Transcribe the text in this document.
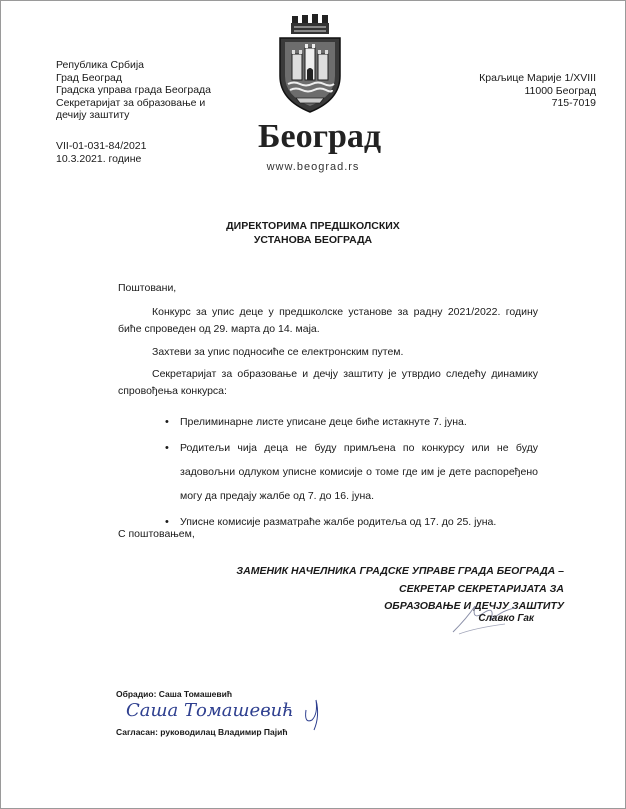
Република Србија
Град Београд
Градска управа града Београда
Секретаријат за образовање и
дечију заштиту
VII-01-031-84/2021
10.3.2021. године
Београд
www.beograd.rs
Краљице Марије 1/XVIII
11000 Београд
715-7019
ДИРЕКТОРИМА ПРЕДШКОЛСКИХ
УСТАНОВА БЕОГРАДА
Поштовани,
Конкурс за упис деце у предшколске установе за радну 2021/2022. годину биће спроведен од 29. марта до 14. маја.
Захтеви за упис подносиће се електронским путем.
Секретаријат за образовање и дечју заштиту је утврдио следећу динамику спровођења конкурса:
• Прелиминарне листе уписане деце биће истакнуте 7. јуна.
• Родитељи чија деца не буду примљена по конкурсу или не буду задовољни одлуком уписне комисије о томе где им је дете распоређено могу да предају жалбе од 7. до 16. јуна.
• Уписне комисије разматраће жалбе родитеља од 17. до 25. јуна.
С поштовањем,
ЗАМЕНИК НАЧЕЛНИКА ГРАДСКЕ УПРАВЕ ГРАДА БЕОГРАДА –
СЕКРЕТАР СЕКРЕТАРИЈАТА ЗА
ОБРАЗОВАЊЕ И ДЕЧЈУ ЗАШТИТУ
Славко Гак
Обрадио: Саша Томашевић
Саша Томашевић
Сагласан: руководилац Владимир Пајић
